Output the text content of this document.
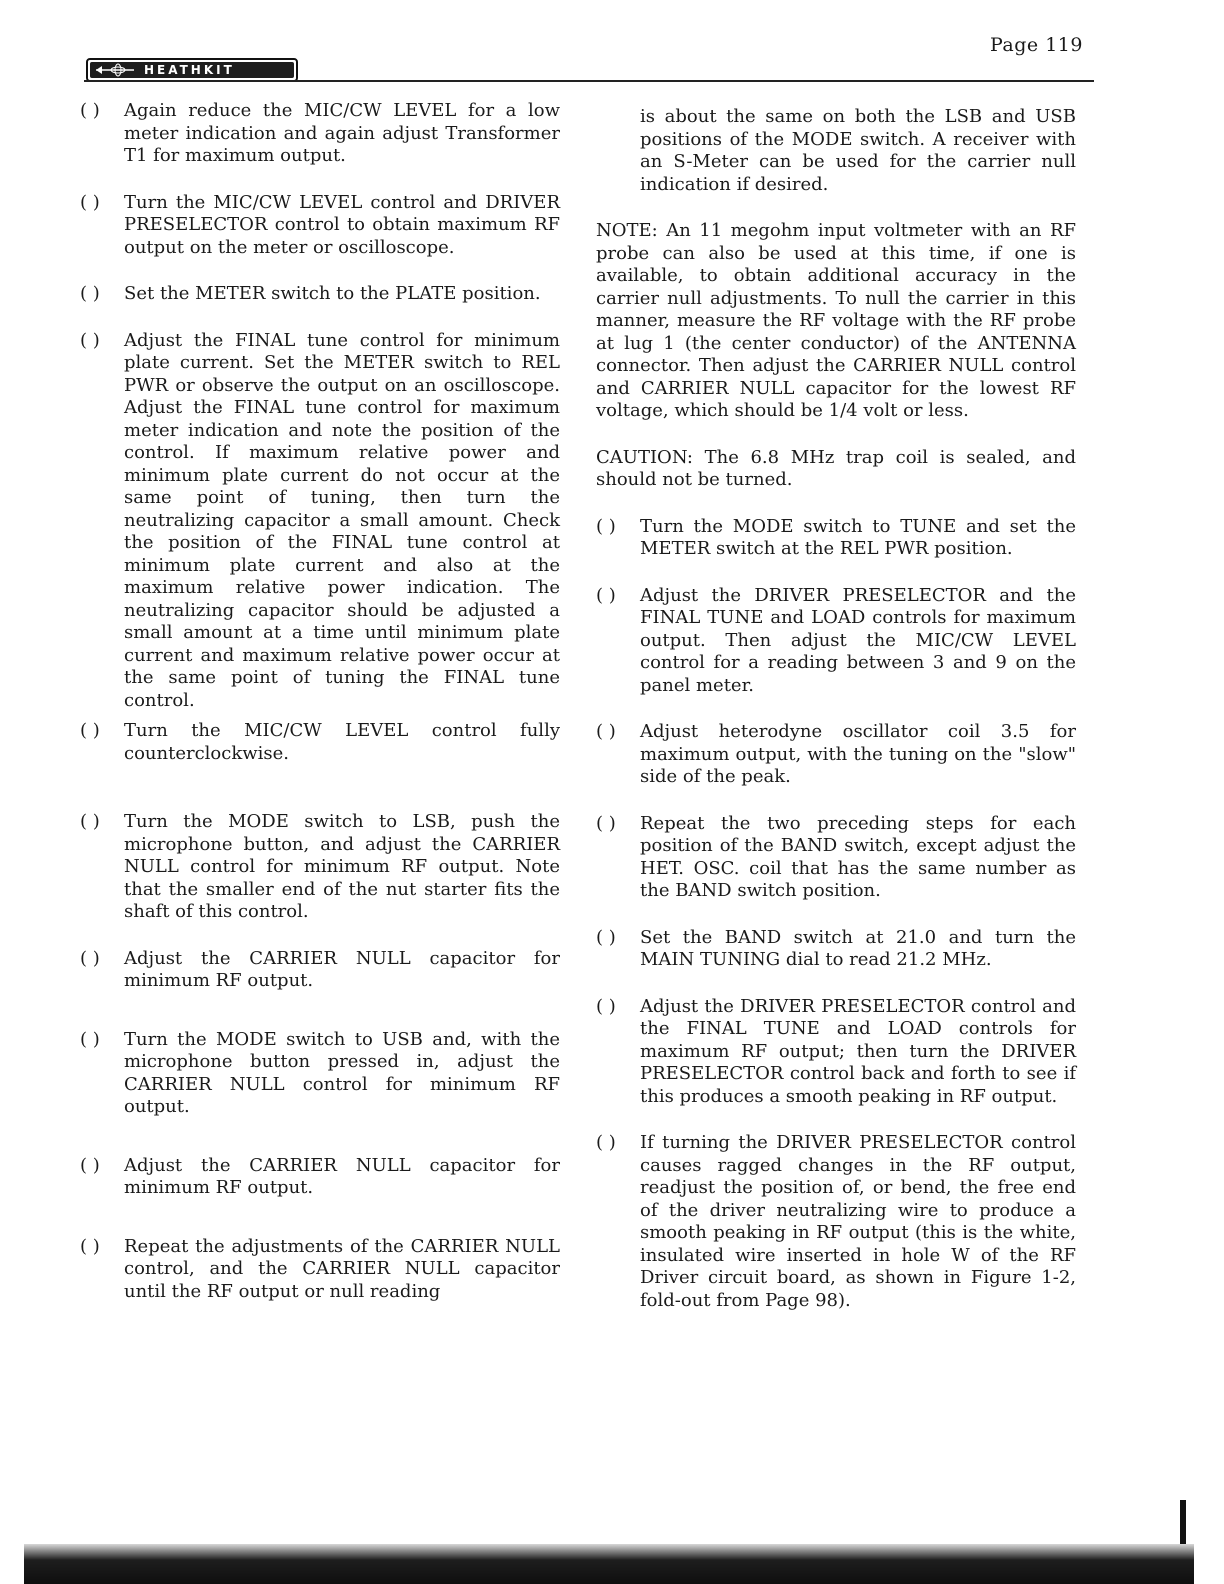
Page 119
HEATHKIT
( )	Again reduce the MIC/CW LEVEL for a low meter indication and again adjust Transformer T1 for maximum output.
( )	Turn the MIC/CW LEVEL control and DRIVER PRESELECTOR control to obtain maximum RF output on the meter or oscilloscope.
( )	Set the METER switch to the PLATE position.
( )	Adjust the FINAL tune control for minimum plate current. Set the METER switch to REL PWR or observe the output on an oscilloscope. Adjust the FINAL tune control for maximum meter indication and note the position of the control. If maximum relative power and minimum plate current do not occur at the same point of tuning, then turn the neutralizing capacitor a small amount. Check the position of the FINAL tune control at minimum plate current and also at the maximum relative power indication. The neutralizing capacitor should be adjusted a small amount at a time until minimum plate current and maximum relative power occur at the same point of tuning the FINAL tune control.
( )	Turn the MIC/CW LEVEL control fully counterclockwise.
( )	Turn the MODE switch to LSB, push the microphone button, and adjust the CARRIER NULL control for minimum RF output. Note that the smaller end of the nut starter fits the shaft of this control.
( )	Adjust the CARRIER NULL capacitor for minimum RF output.
( )	Turn the MODE switch to USB and, with the microphone button pressed in, adjust the CARRIER NULL control for minimum RF output.
( )	Adjust the CARRIER NULL capacitor for minimum RF output.
( )	Repeat the adjustments of the CARRIER NULL control, and the CARRIER NULL capacitor until the RF output or null reading
is about the same on both the LSB and USB positions of the MODE switch. A receiver with an S-Meter can be used for the carrier null indication if desired.
NOTE: An 11 megohm input voltmeter with an RF probe can also be used at this time, if one is available, to obtain additional accuracy in the carrier null adjustments. To null the carrier in this manner, measure the RF voltage with the RF probe at lug 1 (the center conductor) of the ANTENNA connector. Then adjust the CARRIER NULL control and CARRIER NULL capacitor for the lowest RF voltage, which should be 1/4 volt or less.
CAUTION: The 6.8 MHz trap coil is sealed, and should not be turned.
( )	Turn the MODE switch to TUNE and set the METER switch at the REL PWR position.
( )	Adjust the DRIVER PRESELECTOR and the FINAL TUNE and LOAD controls for maximum output. Then adjust the MIC/CW LEVEL control for a reading between 3 and 9 on the panel meter.
( )	Adjust heterodyne oscillator coil 3.5 for maximum output, with the tuning on the "slow" side of the peak.
( )	Repeat the two preceding steps for each position of the BAND switch, except adjust the HET. OSC. coil that has the same number as the BAND switch position.
( )	Set the BAND switch at 21.0 and turn the MAIN TUNING dial to read 21.2 MHz.
( )	Adjust the DRIVER PRESELECTOR control and the FINAL TUNE and LOAD controls for maximum RF output; then turn the DRIVER PRESELECTOR control back and forth to see if this produces a smooth peaking in RF output.
( )	If turning the DRIVER PRESELECTOR control causes ragged changes in the RF output, readjust the position of, or bend, the free end of the driver neutralizing wire to produce a smooth peaking in RF output (this is the white, insulated wire inserted in hole W of the RF Driver circuit board, as shown in Figure 1-2, fold-out from Page 98).
